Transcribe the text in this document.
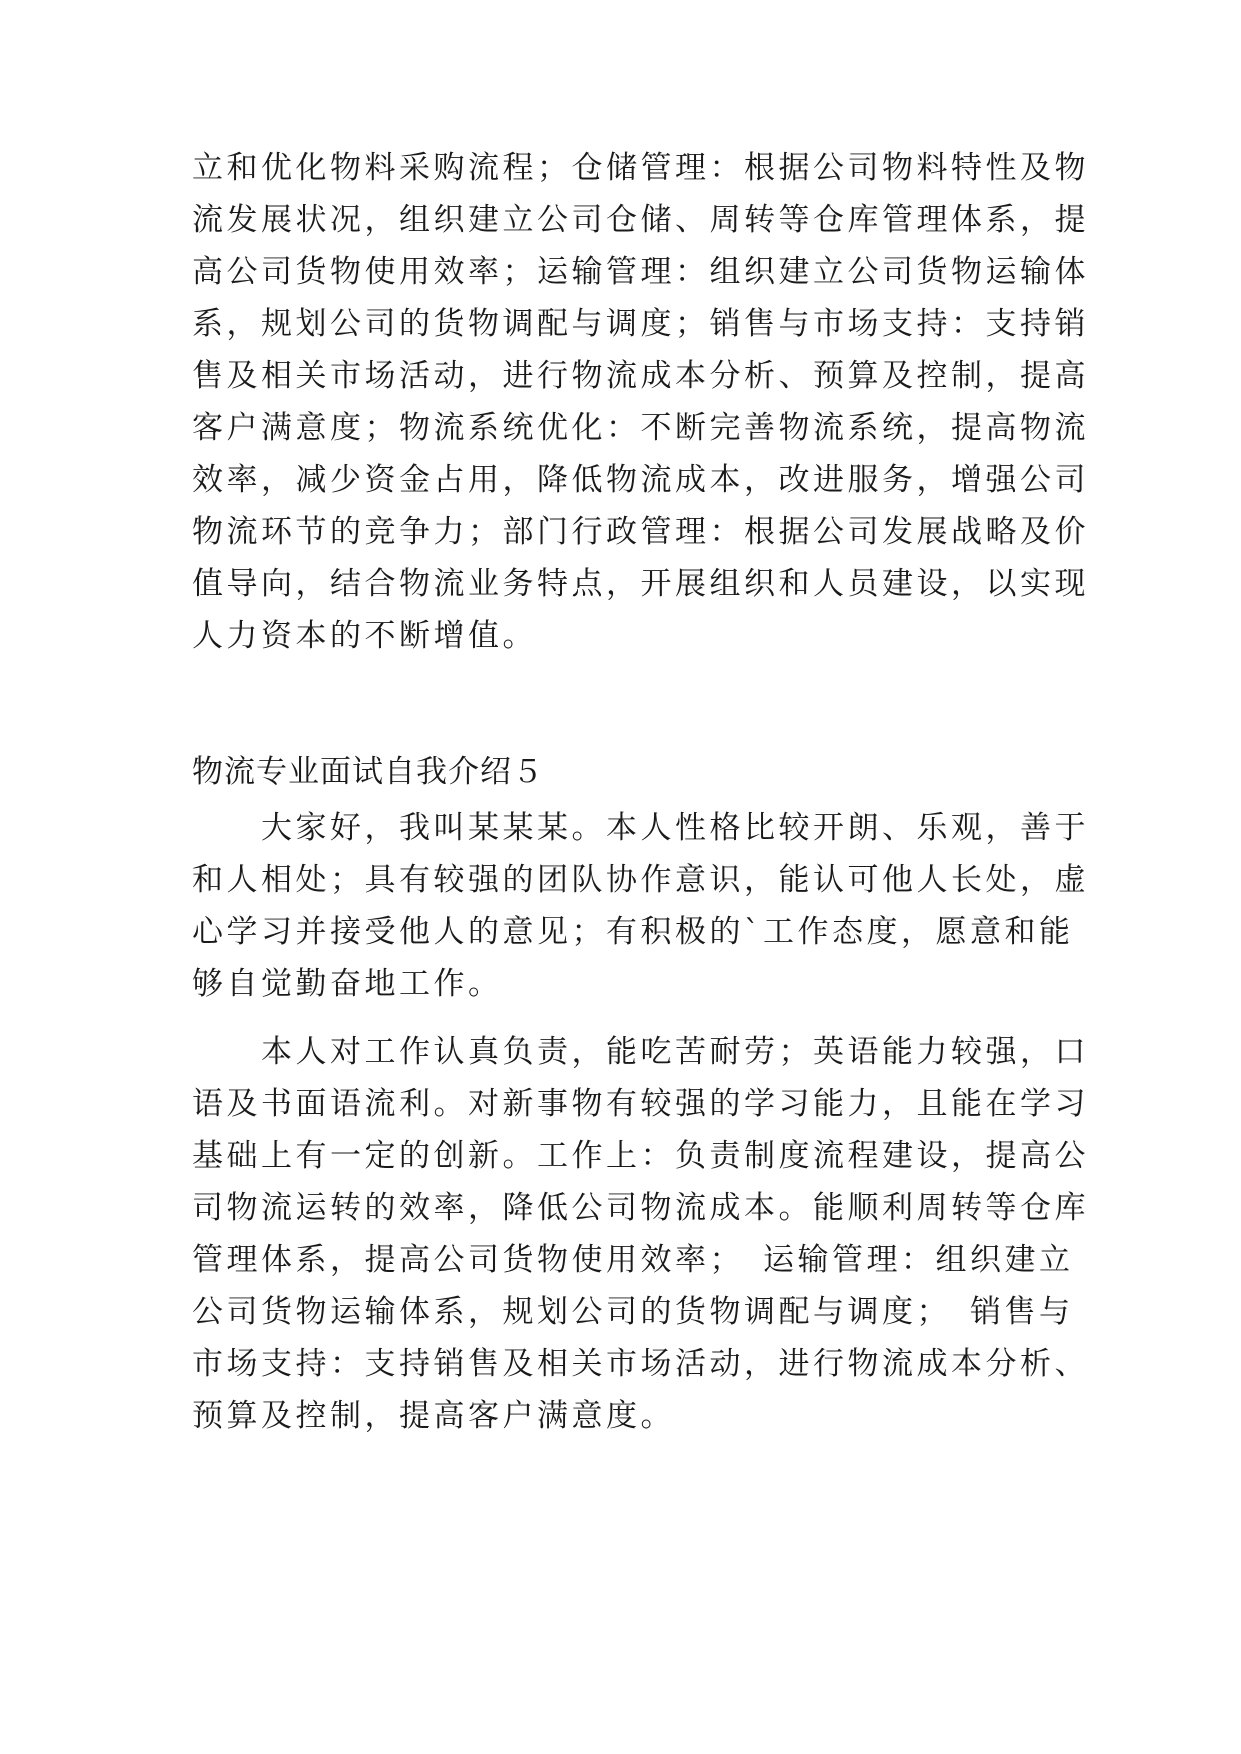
立和优化物料采购流程；仓储管理：根据公司物料特性及物
流发展状况，组织建立公司仓储、周转等仓库管理体系，提
高公司货物使用效率；运输管理：组织建立公司货物运输体
系，规划公司的货物调配与调度；销售与市场支持：支持销
售及相关市场活动，进行物流成本分析、预算及控制，提高
客户满意度；物流系统优化：不断完善物流系统，提高物流
效率，减少资金占用，降低物流成本，改进服务，增强公司
物流环节的竞争力；部门行政管理：根据公司发展战略及价
值导向，结合物流业务特点，开展组织和人员建设，以实现
人力资本的不断增值。
物流专业面试自我介绍５
　　大家好，我叫某某某。本人性格比较开朗、乐观，善于
和人相处；具有较强的团队协作意识，能认可他人长处，虚
心学习并接受他人的意见；有积极的`工作态度，愿意和能
够自觉勤奋地工作。
　　本人对工作认真负责，能吃苦耐劳；英语能力较强，口
语及书面语流利。对新事物有较强的学习能力，且能在学习
基础上有一定的创新。工作上：负责制度流程建设，提高公
司物流运转的效率，降低公司物流成本。能顺利周转等仓库
管理体系，提高公司货物使用效率；　运输管理：组织建立
公司货物运输体系，规划公司的货物调配与调度；　销售与
市场支持：支持销售及相关市场活动，进行物流成本分析、
预算及控制，提高客户满意度。
